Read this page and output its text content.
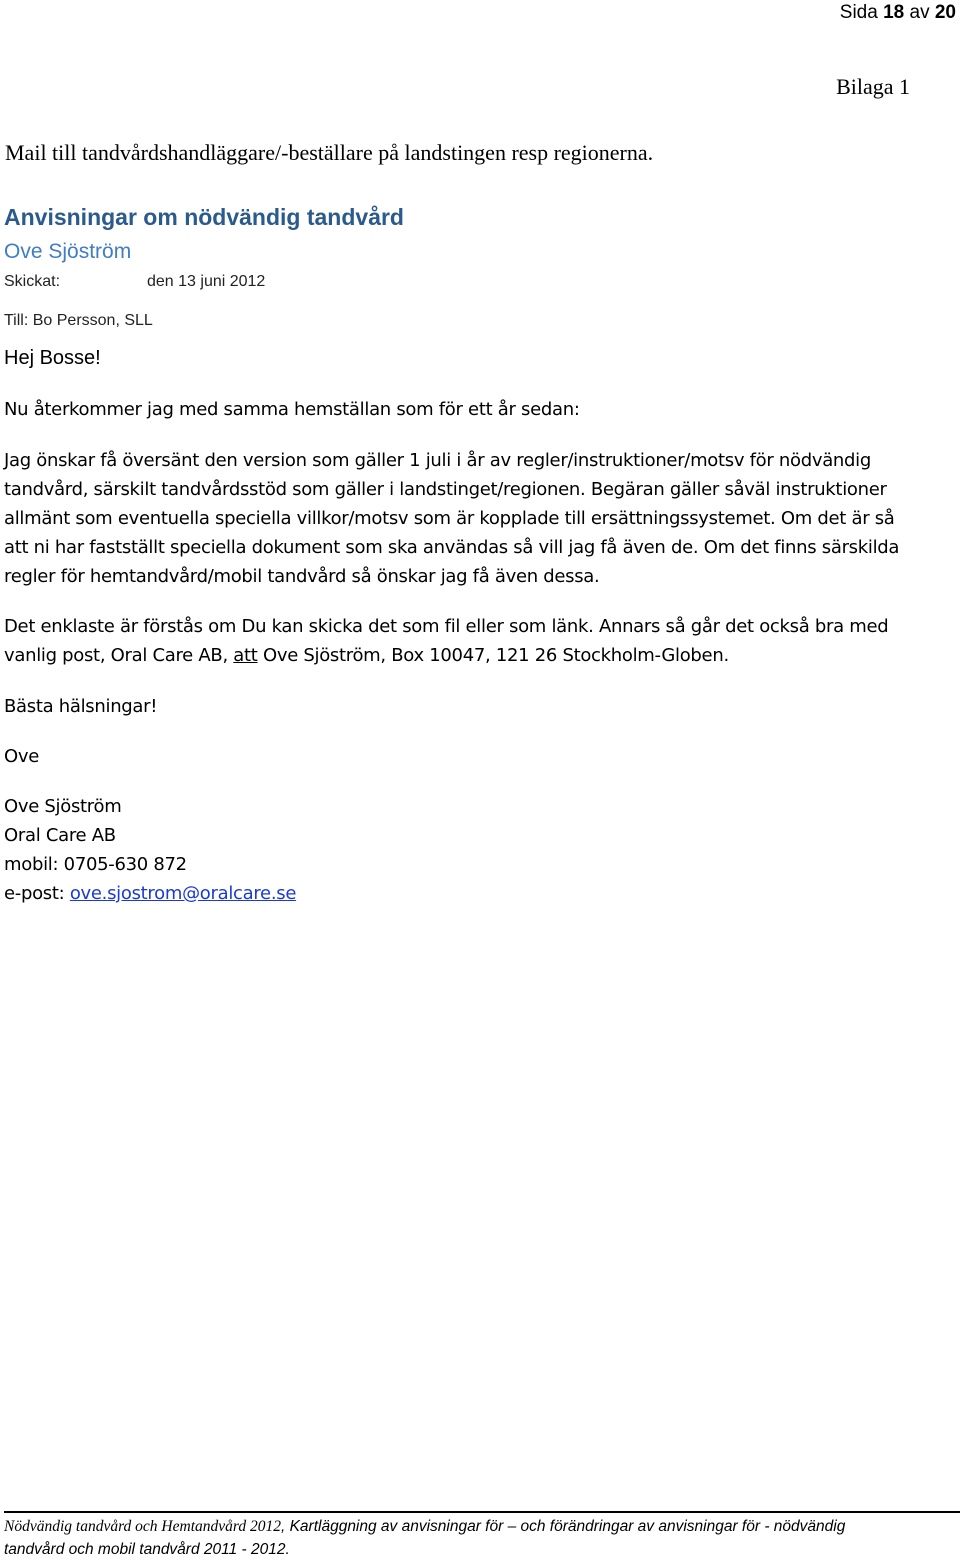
Sida 18 av 20
Bilaga 1
Mail till tandvårdshandläggare/-beställare på landstingen resp regionerna.
Anvisningar om nödvändig tandvård
Ove Sjöström
Skickat:	den 13 juni 2012
Till: Bo Persson, SLL
Hej Bosse!
Nu återkommer jag med samma hemställan som för ett år sedan:
Jag önskar få översänt den version som gäller 1 juli i år av regler/instruktioner/motsv för nödvändig
tandvård, särskilt tandvårdsstöd som gäller i landstinget/regionen. Begäran gäller såväl instruktioner
allmänt som eventuella speciella villkor/motsv som är kopplade till ersättningssystemet. Om det är så
att ni har fastställt speciella dokument som ska användas så vill jag få även de. Om det finns särskilda
regler för hemtandvård/mobil tandvård så önskar jag få även dessa.
Det enklaste är förstås om Du kan skicka det som fil eller som länk. Annars så går det också bra med
vanlig post, Oral Care AB, att Ove Sjöström, Box 10047, 121 26 Stockholm-Globen.
Bästa hälsningar!
Ove
Ove Sjöström
Oral Care AB
mobil: 0705-630 872
e-post: ove.sjostrom@oralcare.se
Nödvändig tandvård och Hemtandvård 2012, Kartläggning av anvisningar för – och förändringar av anvisningar för - nödvändig
tandvård och mobil tandvård 2011 - 2012.
